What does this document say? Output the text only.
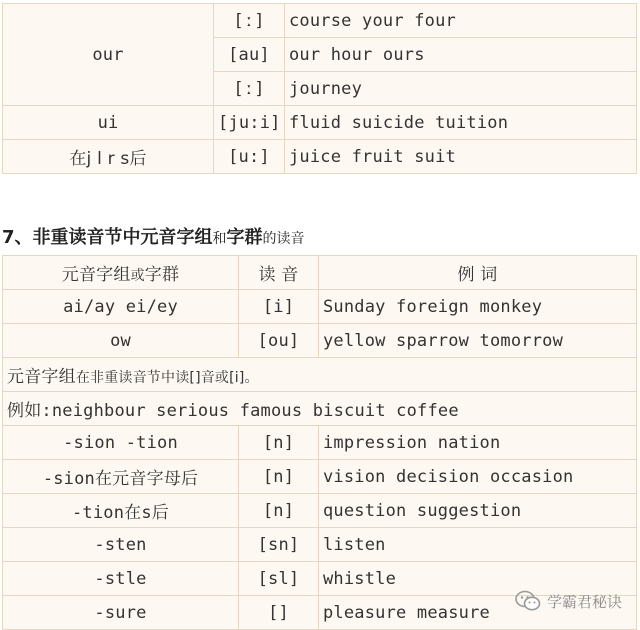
our	[ː]	course your four
	[au]	our hour ours
	[ː]	journey
ui	[ju:i]	fluid suicide tuition
在j l r s后	[u:]	juice fruit suit
7、非重读音节中元音字组和字群的读音
元音字组或字群	读 音	例 词
ai/ay ei/ey	[i]	Sunday foreign monkey
ow	[ou]	yellow sparrow tomorrow
元音字组在非重读音节中读[]音或[i]。		
例如:neighbour serious famous biscuit coffee		
-sion -tion	[n]	impression nation
-sion在元音字母后	[n]	vision decision occasion
-tion在s后	[n]	question suggestion
-sten	[sn]	listen
-stle	[sl]	whistle
-sure	[]	pleasure measure
学霸君秘诀
